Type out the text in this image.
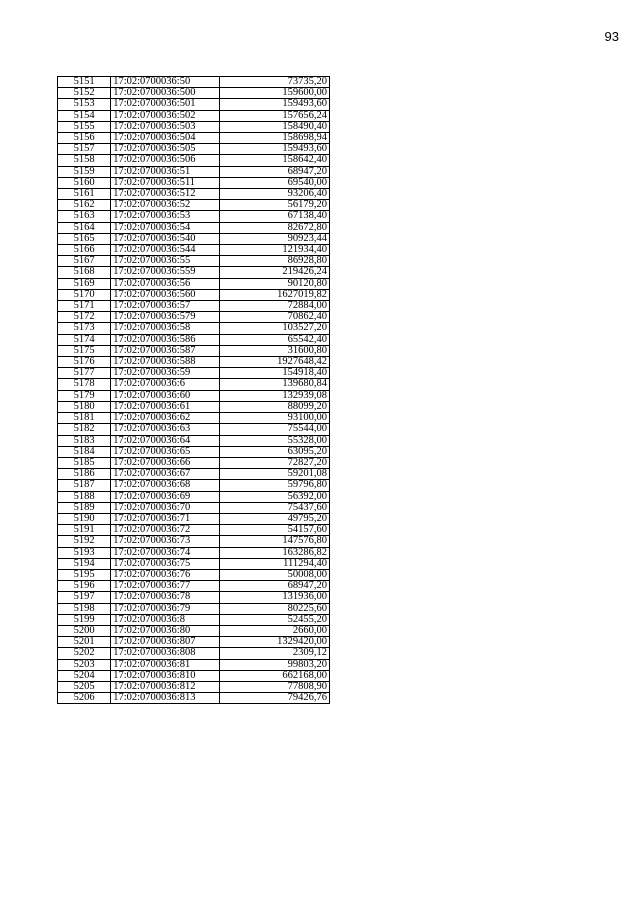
93
5151	17:02:0700036:50	73735,20
5152	17:02:0700036:500	159600,00
5153	17:02:0700036:501	159493,60
5154	17:02:0700036:502	157656,24
5155	17:02:0700036:503	158490,40
5156	17:02:0700036:504	158698,94
5157	17:02:0700036:505	159493,60
5158	17:02:0700036:506	158642,40
5159	17:02:0700036:51	68947,20
5160	17:02:0700036:511	69540,00
5161	17:02:0700036:512	93206,40
5162	17:02:0700036:52	56179,20
5163	17:02:0700036:53	67138,40
5164	17:02:0700036:54	82672,80
5165	17:02:0700036:540	90923,44
5166	17:02:0700036:544	121934,40
5167	17:02:0700036:55	86928,80
5168	17:02:0700036:559	219426,24
5169	17:02:0700036:56	90120,80
5170	17:02:0700036:560	1627019,82
5171	17:02:0700036:57	72884,00
5172	17:02:0700036:579	70862,40
5173	17:02:0700036:58	103527,20
5174	17:02:0700036:586	65542,40
5175	17:02:0700036:587	31600,80
5176	17:02:0700036:588	1927648,42
5177	17:02:0700036:59	154918,40
5178	17:02:0700036:6	139680,84
5179	17:02:0700036:60	132939,08
5180	17:02:0700036:61	88099,20
5181	17:02:0700036:62	93100,00
5182	17:02:0700036:63	75544,00
5183	17:02:0700036:64	55328,00
5184	17:02:0700036:65	63095,20
5185	17:02:0700036:66	72827,20
5186	17:02:0700036:67	59201,08
5187	17:02:0700036:68	59796,80
5188	17:02:0700036:69	56392,00
5189	17:02:0700036:70	75437,60
5190	17:02:0700036:71	49795,20
5191	17:02:0700036:72	54157,60
5192	17:02:0700036:73	147576,80
5193	17:02:0700036:74	163286,82
5194	17:02:0700036:75	111294,40
5195	17:02:0700036:76	50008,00
5196	17:02:0700036:77	68947,20
5197	17:02:0700036:78	131936,00
5198	17:02:0700036:79	80225,60
5199	17:02:0700036:8	52455,20
5200	17:02:0700036:80	2660,00
5201	17:02:0700036:807	1329420,00
5202	17:02:0700036:808	2309,12
5203	17:02:0700036:81	99803,20
5204	17:02:0700036:810	662168,00
5205	17:02:0700036:812	77808,90
5206	17:02:0700036:813	79426,76
